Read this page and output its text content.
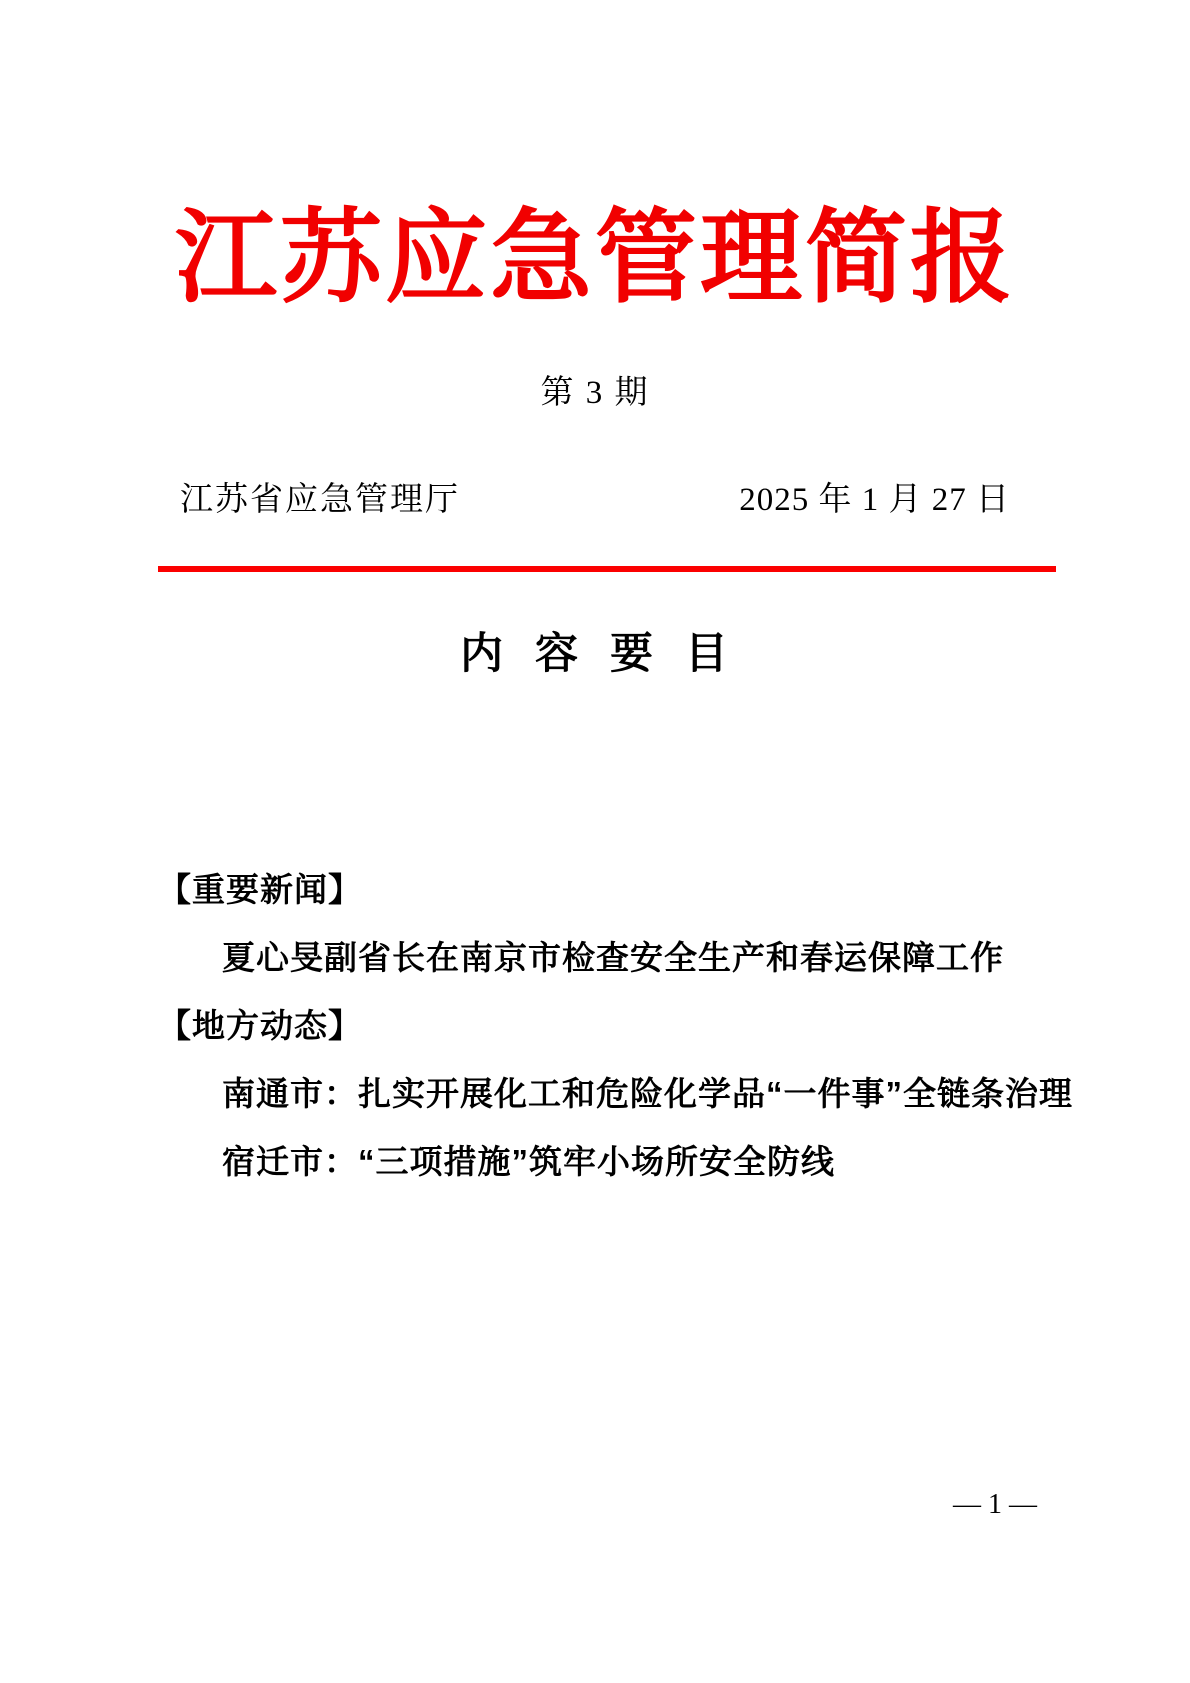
江苏应急管理简报
第 3 期
江苏省应急管理厅	2025 年 1 月 27 日
内 容 要 目
【重要新闻】
夏心旻副省长在南京市检查安全生产和春运保障工作
【地方动态】
南通市：扎实开展化工和危险化学品“一件事”全链条治理
宿迁市：“三项措施”筑牢小场所安全防线
— 1 —
